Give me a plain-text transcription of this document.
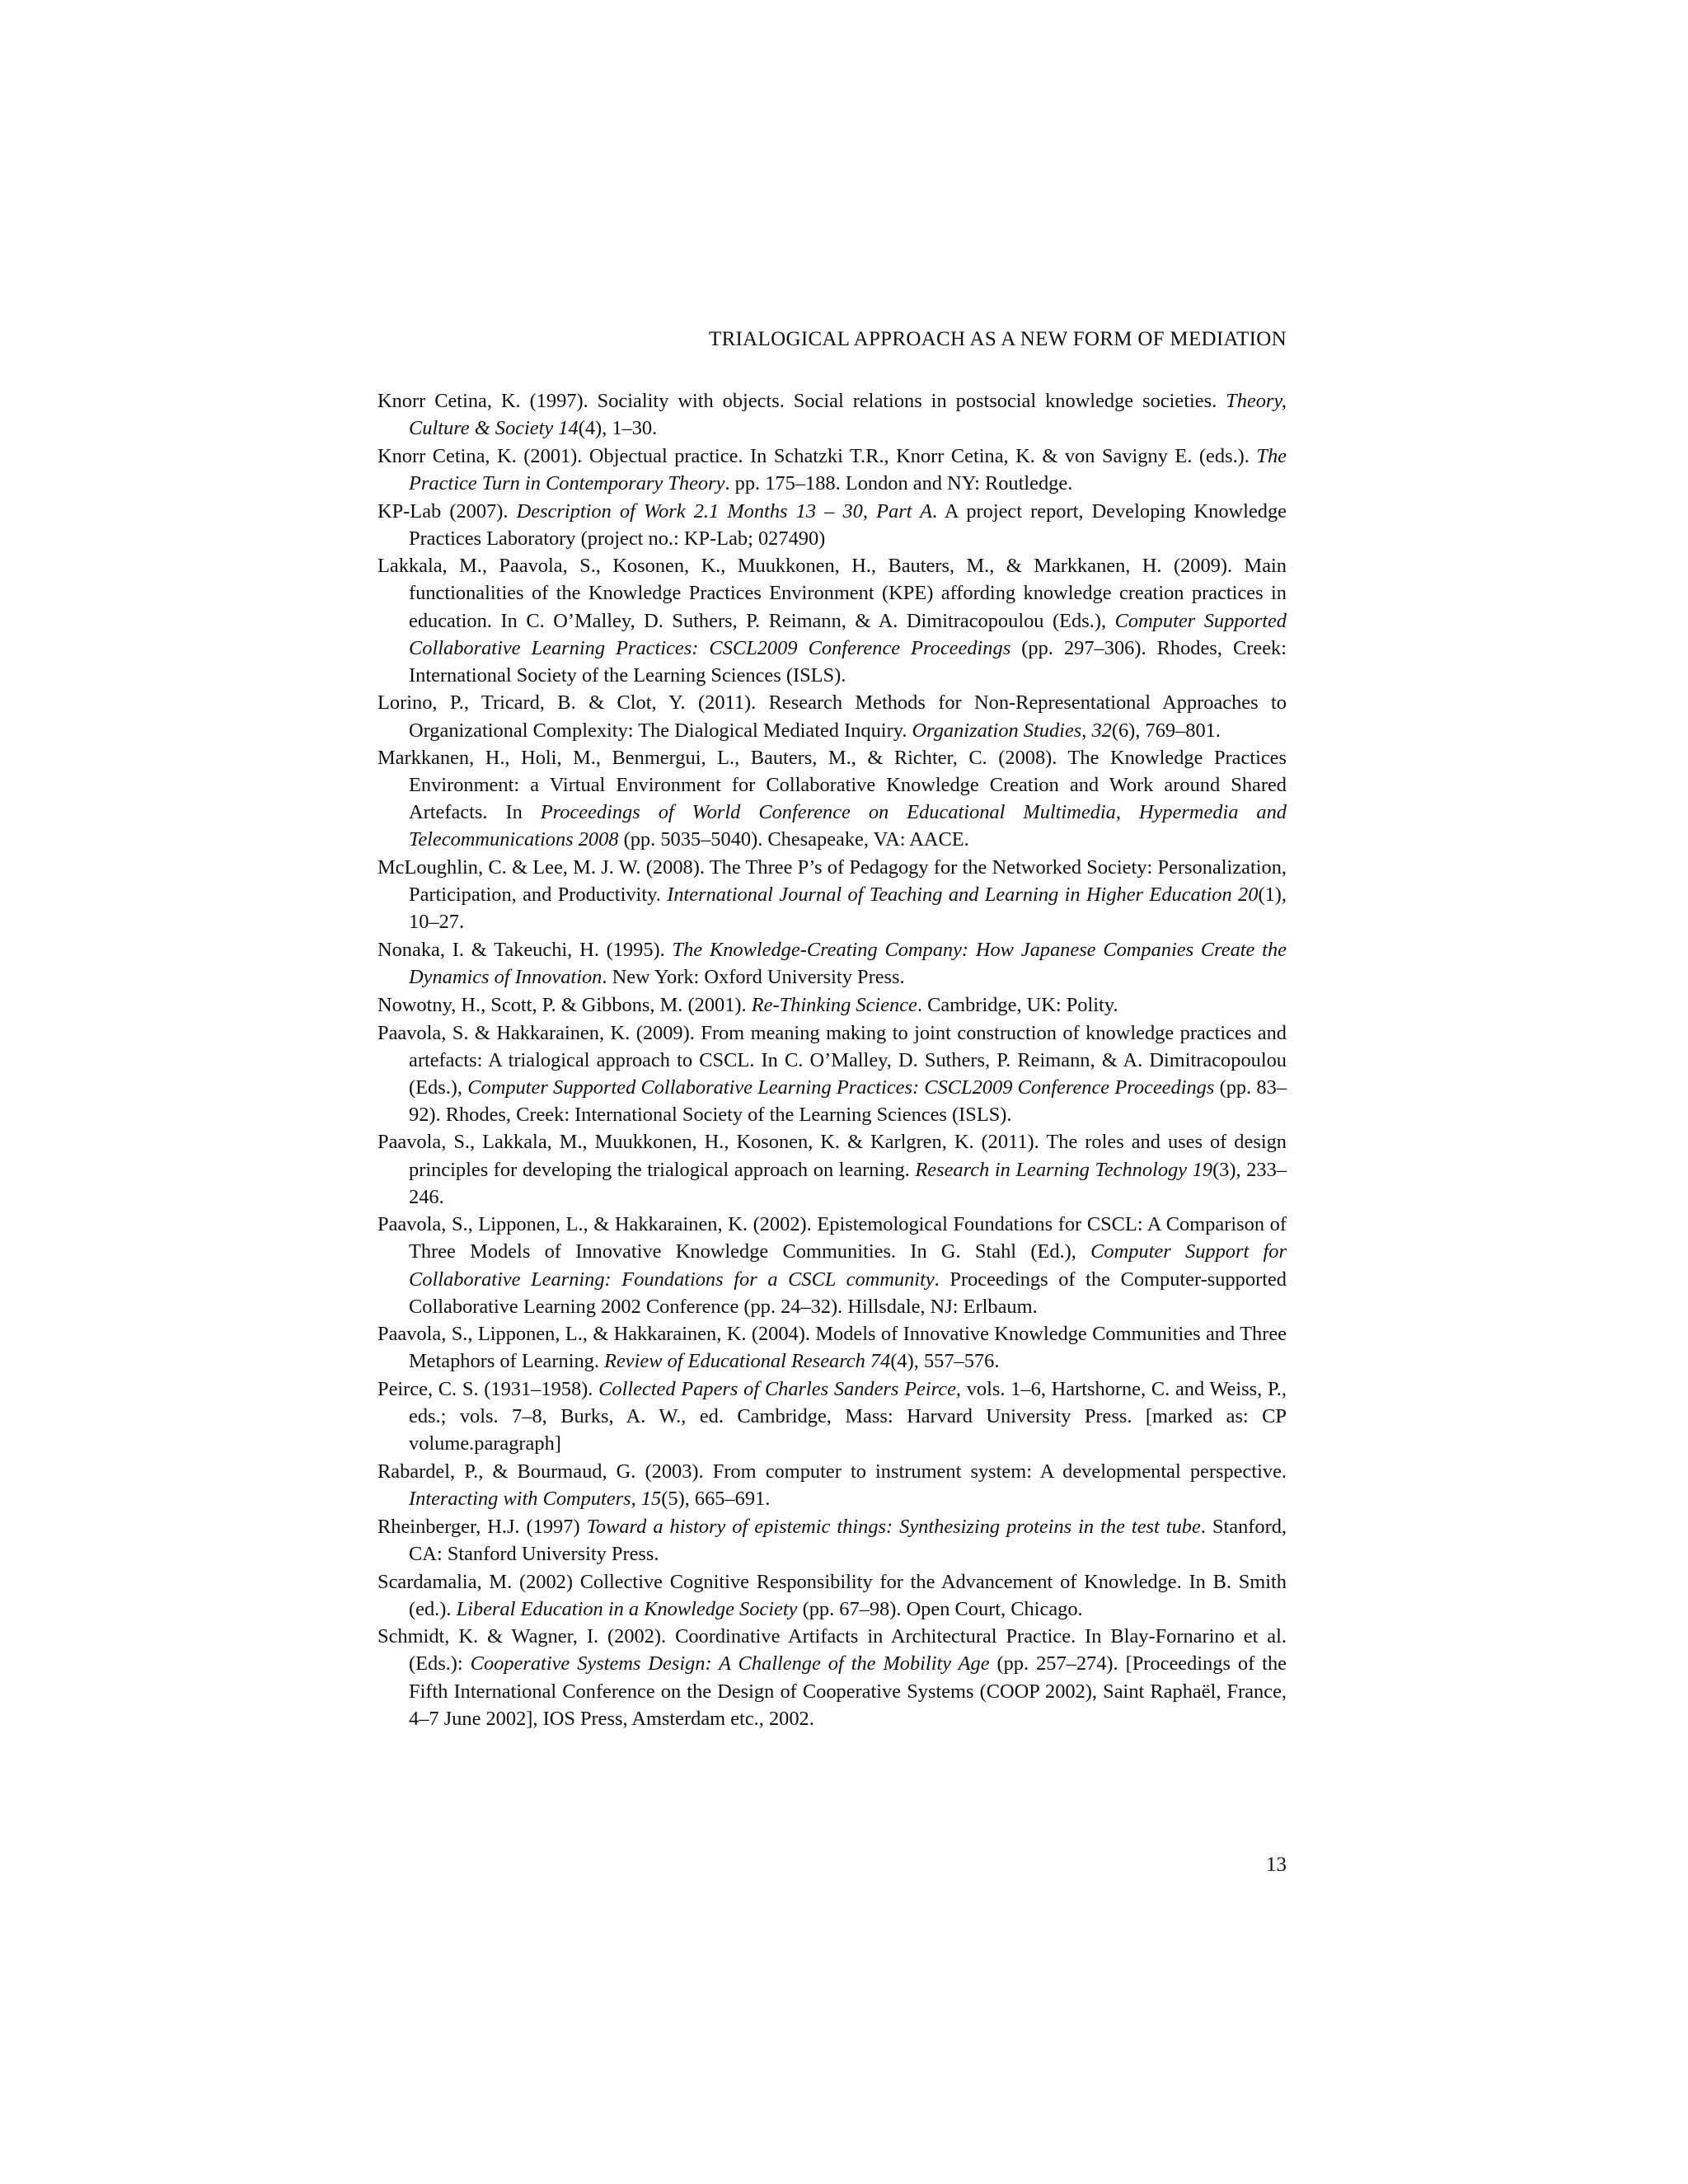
TRIALOGICAL APPROACH AS A NEW FORM OF MEDIATION
Knorr Cetina, K. (1997). Sociality with objects. Social relations in postsocial knowledge societies. Theory, Culture & Society 14(4), 1–30.
Knorr Cetina, K. (2001). Objectual practice. In Schatzki T.R., Knorr Cetina, K. & von Savigny E. (eds.). The Practice Turn in Contemporary Theory. pp. 175–188. London and NY: Routledge.
KP-Lab (2007). Description of Work 2.1 Months 13 – 30, Part A. A project report, Developing Knowledge Practices Laboratory (project no.: KP-Lab; 027490)
Lakkala, M., Paavola, S., Kosonen, K., Muukkonen, H., Bauters, M., & Markkanen, H. (2009). Main functionalities of the Knowledge Practices Environment (KPE) affording knowledge creation practices in education. In C. O’Malley, D. Suthers, P. Reimann, & A. Dimitracopoulou (Eds.), Computer Supported Collaborative Learning Practices: CSCL2009 Conference Proceedings (pp. 297–306). Rhodes, Creek: International Society of the Learning Sciences (ISLS).
Lorino, P., Tricard, B. & Clot, Y. (2011). Research Methods for Non-Representational Approaches to Organizational Complexity: The Dialogical Mediated Inquiry. Organization Studies, 32(6), 769–801.
Markkanen, H., Holi, M., Benmergui, L., Bauters, M., & Richter, C. (2008). The Knowledge Practices Environment: a Virtual Environment for Collaborative Knowledge Creation and Work around Shared Artefacts. In Proceedings of World Conference on Educational Multimedia, Hypermedia and Telecommunications 2008 (pp. 5035–5040). Chesapeake, VA: AACE.
McLoughlin, C. & Lee, M. J. W. (2008). The Three P’s of Pedagogy for the Networked Society: Personalization, Participation, and Productivity. International Journal of Teaching and Learning in Higher Education 20(1), 10–27.
Nonaka, I. & Takeuchi, H. (1995). The Knowledge-Creating Company: How Japanese Companies Create the Dynamics of Innovation. New York: Oxford University Press.
Nowotny, H., Scott, P. & Gibbons, M. (2001). Re-Thinking Science. Cambridge, UK: Polity.
Paavola, S. & Hakkarainen, K. (2009). From meaning making to joint construction of knowledge practices and artefacts: A trialogical approach to CSCL. In C. O’Malley, D. Suthers, P. Reimann, & A. Dimitracopoulou (Eds.), Computer Supported Collaborative Learning Practices: CSCL2009 Conference Proceedings (pp. 83–92). Rhodes, Creek: International Society of the Learning Sciences (ISLS).
Paavola, S., Lakkala, M., Muukkonen, H., Kosonen, K. & Karlgren, K. (2011). The roles and uses of design principles for developing the trialogical approach on learning. Research in Learning Technology 19(3), 233–246.
Paavola, S., Lipponen, L., & Hakkarainen, K. (2002). Epistemological Foundations for CSCL: A Comparison of Three Models of Innovative Knowledge Communities. In G. Stahl (Ed.), Computer Support for Collaborative Learning: Foundations for a CSCL community. Proceedings of the Computer-supported Collaborative Learning 2002 Conference (pp. 24–32). Hillsdale, NJ: Erlbaum.
Paavola, S., Lipponen, L., & Hakkarainen, K. (2004). Models of Innovative Knowledge Communities and Three Metaphors of Learning. Review of Educational Research 74(4), 557–576.
Peirce, C. S. (1931–1958). Collected Papers of Charles Sanders Peirce, vols. 1–6, Hartshorne, C. and Weiss, P., eds.; vols. 7–8, Burks, A. W., ed. Cambridge, Mass: Harvard University Press. [marked as: CP volume.paragraph]
Rabardel, P., & Bourmaud, G. (2003). From computer to instrument system: A developmental perspective. Interacting with Computers, 15(5), 665–691.
Rheinberger, H.J. (1997) Toward a history of epistemic things: Synthesizing proteins in the test tube. Stanford, CA: Stanford University Press.
Scardamalia, M. (2002) Collective Cognitive Responsibility for the Advancement of Knowledge. In B. Smith (ed.). Liberal Education in a Knowledge Society (pp. 67–98). Open Court, Chicago.
Schmidt, K. & Wagner, I. (2002). Coordinative Artifacts in Architectural Practice. In Blay-Fornarino et al. (Eds.): Cooperative Systems Design: A Challenge of the Mobility Age (pp. 257–274). [Proceedings of the Fifth International Conference on the Design of Cooperative Systems (COOP 2002), Saint Raphaël, France, 4–7 June 2002], IOS Press, Amsterdam etc., 2002.
13
